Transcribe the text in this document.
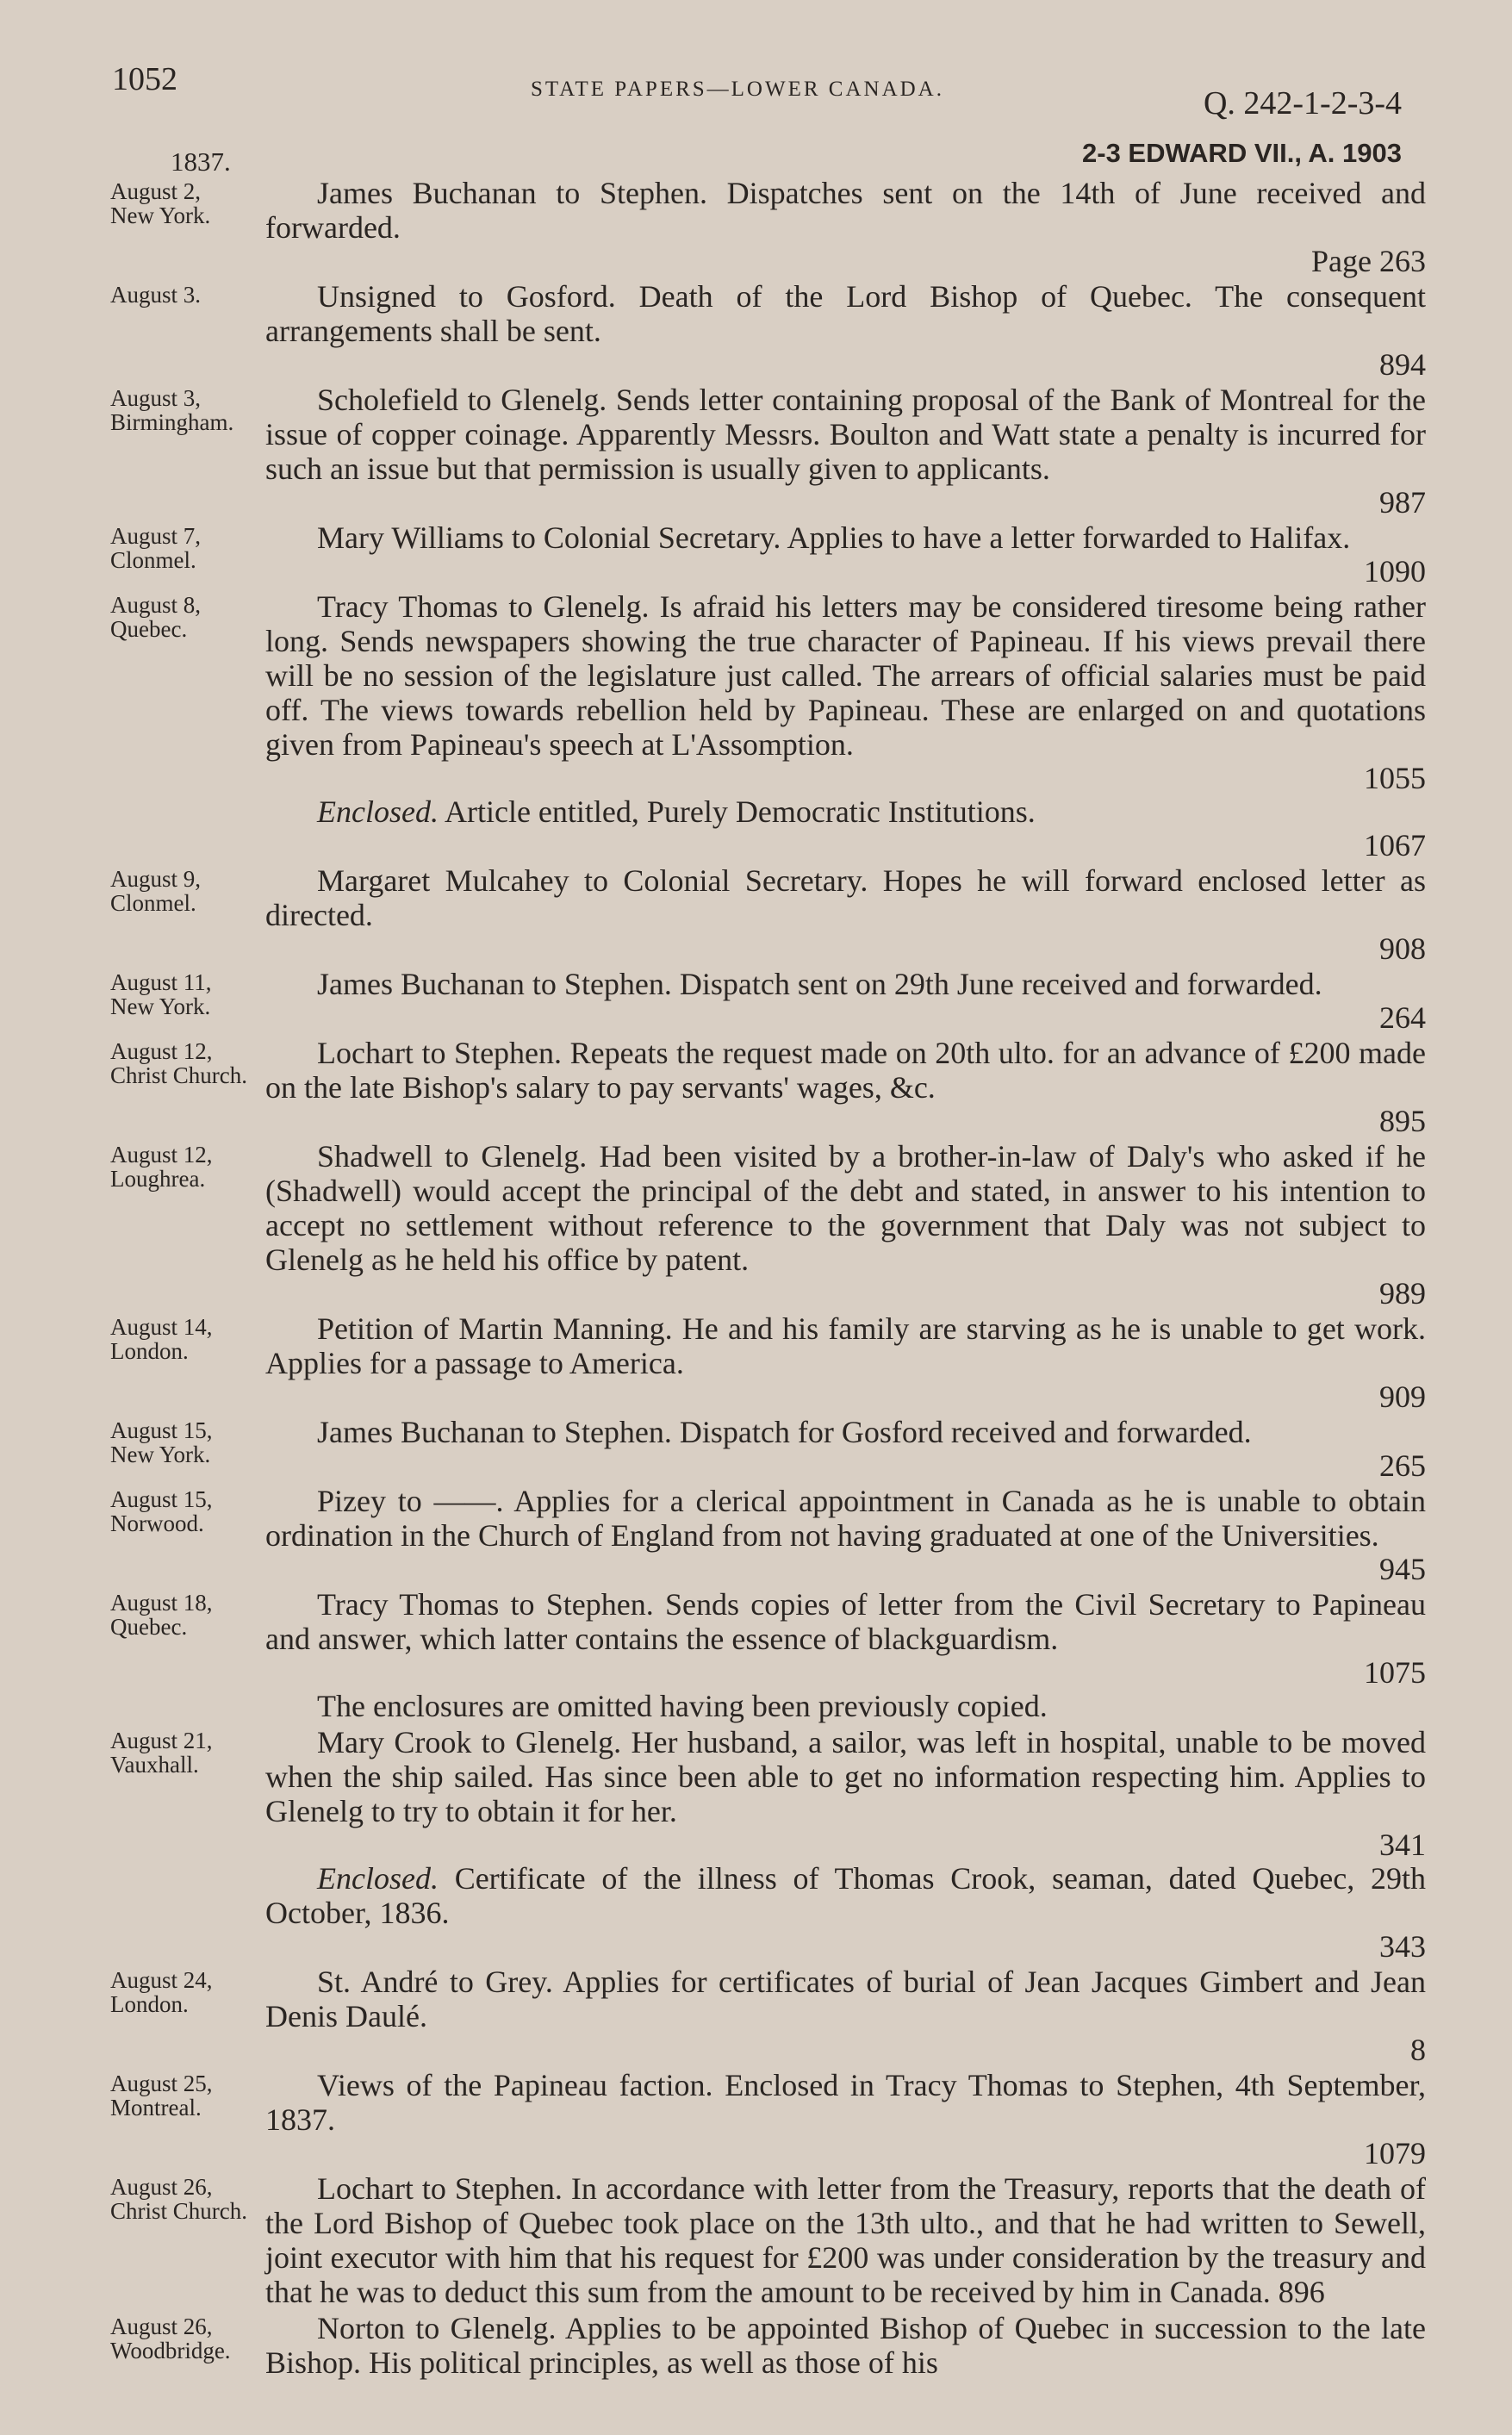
1052	STATE PAPERS—LOWER CANADA.	Q. 242-1-2-3-4
1837.	2-3 EDWARD VII., A. 1903
August 2,
New York.
James Buchanan to Stephen. Dispatches sent on the 14th of June received and forwarded.
Page 263
August 3.	Unsigned to Gosford. Death of the Lord Bishop of Quebec. The consequent arrangements shall be sent.
894
August 3,
Birmingham.
Scholefield to Glenelg. Sends letter containing proposal of the Bank of Montreal for the issue of copper coinage. Apparently Messrs. Boulton and Watt state a penalty is incurred for such an issue but that permission is usually given to applicants.
987
August 7,
Clonmel.
Mary Williams to Colonial Secretary. Applies to have a letter forwarded to Halifax.
1090
August 8,
Quebec.
Tracy Thomas to Glenelg. Is afraid his letters may be considered tiresome being rather long. Sends newspapers showing the true character of Papineau. If his views prevail there will be no session of the legislature just called. The arrears of official salaries must be paid off. The views towards rebellion held by Papineau. These are enlarged on and quotations given from Papineau's speech at L'Assomption.
1055
Enclosed. Article entitled, Purely Democratic Institutions.
1067
August 9,
Clonmel.
Margaret Mulcahey to Colonial Secretary. Hopes he will forward enclosed letter as directed.
908
August 11,
New York.
James Buchanan to Stephen. Dispatch sent on 29th June received and forwarded.
264
August 12,
Christ Church.
Lochart to Stephen. Repeats the request made on 20th ulto. for an advance of £200 made on the late Bishop's salary to pay servants' wages, &c.
895
August 12,
Loughrea.
Shadwell to Glenelg. Had been visited by a brother-in-law of Daly's who asked if he (Shadwell) would accept the principal of the debt and stated, in answer to his intention to accept no settlement without reference to the government that Daly was not subject to Glenelg as he held his office by patent.
989
August 14,
London.
Petition of Martin Manning. He and his family are starving as he is unable to get work. Applies for a passage to America.
909
August 15,
New York.
James Buchanan to Stephen. Dispatch for Gosford received and forwarded.
265
August 15,
Norwood.
Pizey to ——. Applies for a clerical appointment in Canada as he is unable to obtain ordination in the Church of England from not having graduated at one of the Universities.
945
August 18,
Quebec.
Tracy Thomas to Stephen. Sends copies of letter from the Civil Secretary to Papineau and answer, which latter contains the essence of blackguardism.
1075
The enclosures are omitted having been previously copied.
August 21,
Vauxhall.
Mary Crook to Glenelg. Her husband, a sailor, was left in hospital, unable to be moved when the ship sailed. Has since been able to get no information respecting him. Applies to Glenelg to try to obtain it for her.
341
Enclosed. Certificate of the illness of Thomas Crook, seaman, dated Quebec, 29th October, 1836.
343
August 24,
London.
St. André to Grey. Applies for certificates of burial of Jean Jacques Gimbert and Jean Denis Daulé.
8
August 25,
Montreal.
Views of the Papineau faction. Enclosed in Tracy Thomas to Stephen, 4th September, 1837.
1079
August 26,
Christ Church.
Lochart to Stephen. In accordance with letter from the Treasury, reports that the death of the Lord Bishop of Quebec took place on the 13th ulto., and that he had written to Sewell, joint executor with him that his request for £200 was under consideration by the treasury and that he was to deduct this sum from the amount to be received by him in Canada. 896
August 26,
Woodbridge.
Norton to Glenelg. Applies to be appointed Bishop of Quebec in succession to the late Bishop. His political principles, as well as those of his
